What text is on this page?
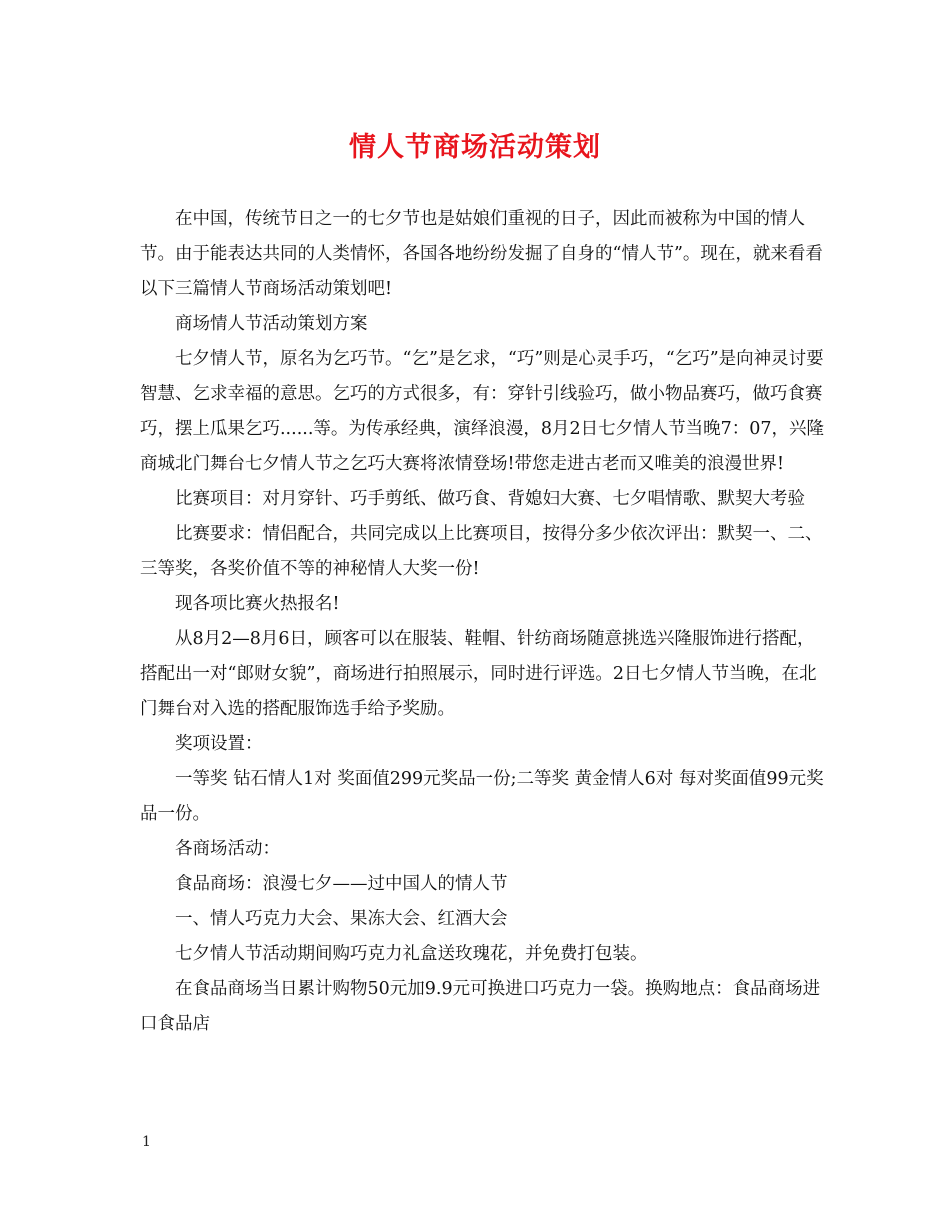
情人节商场活动策划

在中国，传统节日之一的七夕节也是姑娘们重视的日子，因此而被称为中国的情人节。由于能表达共同的人类情怀，各国各地纷纷发掘了自身的“情人节”。现在，就来看看以下三篇情人节商场活动策划吧!

商场情人节活动策划方案

七夕情人节，原名为乞巧节。“乞”是乞求，“巧”则是心灵手巧，“乞巧”是向神灵讨要智慧、乞求幸福的意思。乞巧的方式很多，有：穿针引线验巧，做小物品赛巧，做巧食赛巧，摆上瓜果乞巧......等。为传承经典，演绎浪漫，8月2日七夕情人节当晚7：07，兴隆商城北门舞台七夕情人节之乞巧大赛将浓情登场!带您走进古老而又唯美的浪漫世界!

比赛项目：对月穿针、巧手剪纸、做巧食、背媳妇大赛、七夕唱情歌、默契大考验

比赛要求：情侣配合，共同完成以上比赛项目，按得分多少依次评出：默契一、二、三等奖，各奖价值不等的神秘情人大奖一份!

现各项比赛火热报名!

从8月2—8月6日，顾客可以在服装、鞋帽、针纺商场随意挑选兴隆服饰进行搭配，搭配出一对“郎财女貌”，商场进行拍照展示，同时进行评选。2日七夕情人节当晚，在北门舞台对入选的搭配服饰选手给予奖励。

奖项设置：

一等奖 钻石情人1对 奖面值299元奖品一份;二等奖 黄金情人6对 每对奖面值99元奖品一份。

各商场活动：

食品商场：浪漫七夕——过中国人的情人节

一、情人巧克力大会、果冻大会、红酒大会

七夕情人节活动期间购巧克力礼盒送玫瑰花，并免费打包装。

在食品商场当日累计购物50元加9.9元可换进口巧克力一袋。换购地点：食品商场进口食品店

1
